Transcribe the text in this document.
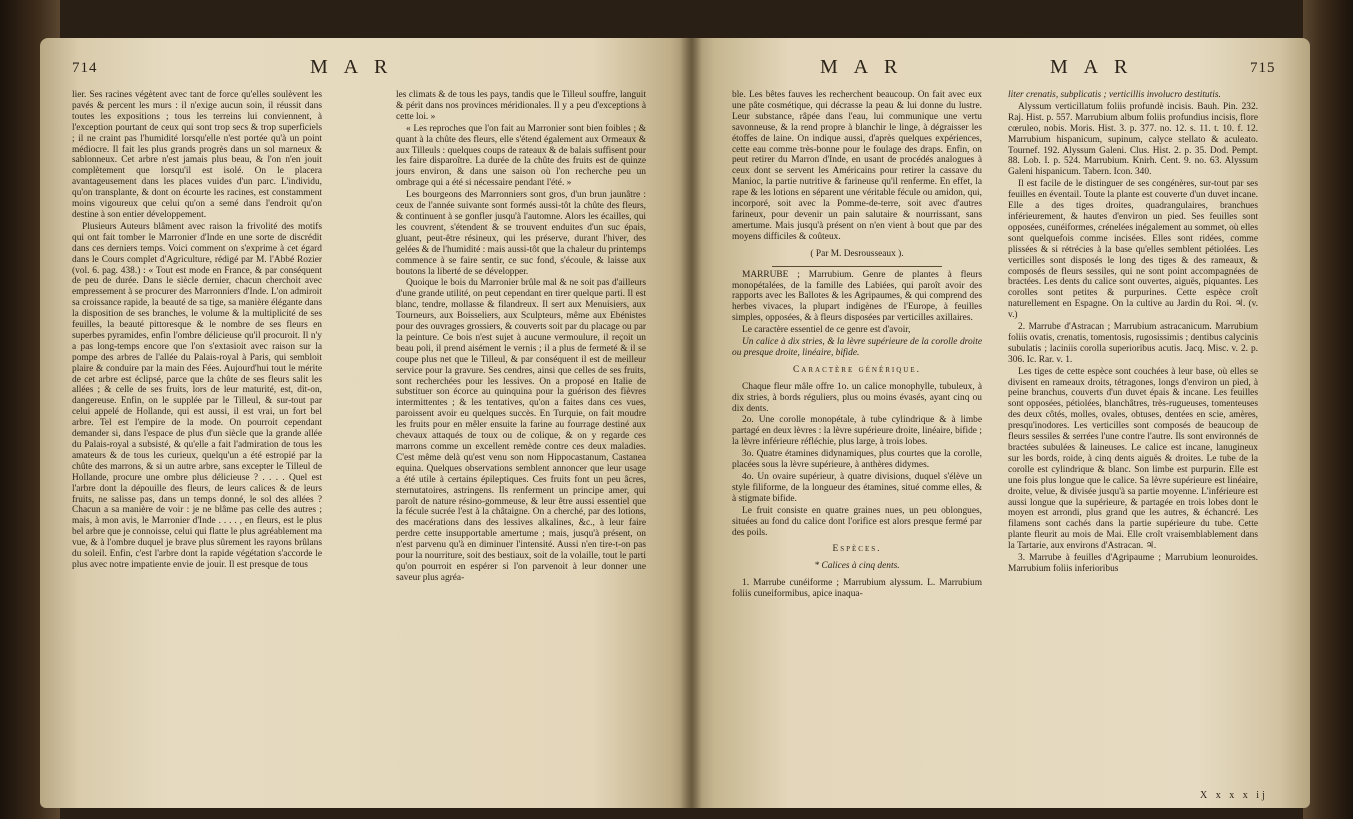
714	M A R

lier. Ses racines végètent avec tant de force qu'elles soulèvent les pavés & percent les murs : il n'exige aucun soin, il réussit dans toutes les expositions ; tous les terreins lui conviennent, à l'exception pourtant de ceux qui sont trop secs & trop superficiels ; il ne craint pas l'humidité lorsqu'elle n'est portée qu'à un point médiocre. Il fait les plus grands progrès dans un sol marneux & sablonneux. Cet arbre n'est jamais plus beau, & l'on n'en jouit complètement que lorsqu'il est isolé. On le placera avantageusement dans les places vuides d'un parc. L'individu, qu'on transplante, & dont on écourte les racines, est constamment moins vigoureux que celui qu'on a semé dans l'endroit qu'on destine à son entier développement.

Plusieurs Auteurs blâment avec raison la frivolité des motifs qui ont fait tomber le Marronier d'Inde en une sorte de discrédit dans ces derniers temps. Voici comment on s'exprime à cet égard dans le Cours complet d'Agriculture, rédigé par M. l'Abbé Rozier (vol. 6. pag. 438.) : « Tout est mode en France, & par conséquent de peu de durée. Dans le siècle dernier, chacun cherchoit avec empressement à se procurer des Marronniers d'Inde. L'on admiroit sa croissance rapide, la beauté de sa tige, sa manière élégante dans la disposition de ses branches, le volume & la multiplicité de ses feuilles, la beauté pittoresque & le nombre de ses fleurs en superbes pyramides, enfin l'ombre délicieuse qu'il procuroit. Il n'y a pas long-temps encore que l'on s'extasioit avec raison sur la pompe des arbres de l'allée du Palais-royal à Paris, qui sembloit plaire & conduire par la main des Fées. Aujourd'hui tout le mérite de cet arbre est éclipsé, parce que la chûte de ses fleurs salit les allées ; & celle de ses fruits, lors de leur maturité, est, dit-on, dangereuse. Enfin, on le supplée par le Tilleul, & sur-tout par celui appelé de Hollande, qui est aussi, il est vrai, un fort bel arbre. Tel est l'empire de la mode. On pourroit cependant demander si, dans l'espace de plus d'un siècle que la grande allée du Palais-royal a subsisté, & qu'elle a fait l'admiration de tous les amateurs & de tous les curieux, quelqu'un a été estropié par la chûte des marrons, & si un autre arbre, sans excepter le Tilleul de Hollande, procure une ombre plus délicieuse ? . . . . Quel est l'arbre dont la dépouille des fleurs, de leurs calices & de leurs fruits, ne salisse pas, dans un temps donné, le sol des allées ? Chacun a sa manière de voir : je ne blâme pas celle des autres ; mais, à mon avis, le Marronier d'Inde . . . . , en fleurs, est le plus bel arbre que je connoisse, celui qui flatte le plus agréablement ma vue, & à l'ombre duquel je brave plus sûrement les rayons brûlans du soleil. Enfin, c'est l'arbre dont la rapide végétation s'accorde le plus avec notre impatiente envie de jouir. Il est presque de tous

les climats & de tous les pays, tandis que le Tilleul souffre, languit & périt dans nos provinces méridionales. Il y a peu d'exceptions à cette loi. »

« Les reproches que l'on fait au Marronier sont bien foibles ; & quant à la chûte des fleurs, elle s'étend également aux Ormeaux & aux Tilleuls : quelques coups de rateaux & de balais suffisent pour les faire disparoître. La durée de la chûte des fruits est de quinze jours environ, & dans une saison où l'on recherche peu un ombrage qui a été si nécessaire pendant l'été. »

Les bourgeons des Marronniers sont gros, d'un brun jaunâtre : ceux de l'année suivante sont formés aussi-tôt la chûte des fleurs, & continuent à se gonfler jusqu'à l'automne. Alors les écailles, qui les couvrent, s'étendent & se trouvent enduites d'un suc épais, gluant, peut-être résineux, qui les préserve, durant l'hiver, des gelées & de l'humidité : mais aussi-tôt que la chaleur du printemps commence à se faire sentir, ce suc fond, s'écoule, & laisse aux boutons la liberté de se développer.

Quoique le bois du Marronier brûle mal & ne soit pas d'ailleurs d'une grande utilité, on peut cependant en tirer quelque parti. Il est blanc, tendre, mollasse & filandreux. Il sert aux Menuisiers, aux Tourneurs, aux Boisseliers, aux Sculpteurs, même aux Ebénistes pour des ouvrages grossiers, & couverts soit par du placage ou par la peinture. Ce bois n'est sujet à aucune vermoulure, il reçoit un beau poli, il prend aisément le vernis ; il a plus de fermeté & il se coupe plus net que le Tilleul, & par conséquent il est de meilleur service pour la gravure. Ses cendres, ainsi que celles de ses fruits, sont recherchées pour les lessives. On a proposé en Italie de substituer son écorce au quinquina pour la guérison des fièvres intermittentes ; & les tentatives, qu'on a faites dans ces vues, paroissent avoir eu quelques succès. En Turquie, on fait moudre les fruits pour en mêler ensuite la farine au fourrage destiné aux chevaux attaqués de toux ou de colique, & on y regarde ces marrons comme un excellent remède contre ces deux maladies. C'est même delà qu'est venu son nom Hippocastanum, Castanea equina. Quelques observations semblent annoncer que leur usage a été utile à certains épileptiques. Ces fruits font un peu âcres, sternutatoires, astringens. Ils renferment un principe amer, qui paroît de nature résino-gommeuse, & leur être aussi essentiel que la fécule sucrée l'est à la châtaigne. On a cherché, par des lotions, des macérations dans des lessives alkalines, &c., à leur faire perdre cette insupportable amertume ; mais, jusqu'à présent, on n'est parvenu qu'à en diminuer l'intensité. Aussi n'en tire-t-on pas pour la nourriture, soit des bestiaux, soit de la volaille, tout le parti qu'on pourroit en espérer si l'on parvenoit à leur donner une saveur plus agréa-

M A R	M A R	715

ble. Les bêtes fauves les recherchent beaucoup. On fait avec eux une pâte cosmétique, qui décrasse la peau & lui donne du lustre. Leur substance, râpée dans l'eau, lui communique une vertu savonneuse, & la rend propre à blanchir le linge, à dégraisser les étoffes de laine. On indique aussi, d'après quelques expériences, cette eau comme très-bonne pour le foulage des draps. Enfin, on peut retirer du Marron d'Inde, en usant de procédés analogues à ceux dont se servent les Américains pour retirer la cassave du Manioc, la partie nutritive & farineuse qu'il renferme. En effet, la rape & les lotions en séparent une véritable fécule ou amidon, qui, incorporé, soit avec la Pomme-de-terre, soit avec d'autres farineux, pour devenir un pain salutaire & nourrissant, sans amertume. Mais jusqu'à présent on n'en vient à bout que par des moyens difficiles & coûteux.

( Par M. Desrousseaux ).

MARRUBE ; Marrubium. Genre de plantes à fleurs monopétalées, de la famille des Labiées, qui paroît avoir des rapports avec les Ballotes & les Agripaumes, & qui comprend des herbes vivaces, la plupart indigènes de l'Europe, à feuilles simples, opposées, & à fleurs disposées par verticilles axillaires.

Le caractère essentiel de ce genre est d'avoir,

Un calice à dix stries, & la lèvre supérieure de la corolle droite ou presque droite, linéaire, bifide.

Caractère générique.

Chaque fleur mâle offre 1o. un calice monophylle, tubuleux, à dix stries, à bords réguliers, plus ou moins évasés, ayant cinq ou dix dents.

2o. Une corolle monopétale, à tube cylindrique & à limbe partagé en deux lèvres : la lèvre supérieure droite, linéaire, bifide ; la lèvre inférieure réfléchie, plus large, à trois lobes.

3o. Quatre étamines didynamiques, plus courtes que la corolle, placées sous la lèvre supérieure, à anthères didymes.

4o. Un ovaire supérieur, à quatre divisions, duquel s'élève un style filiforme, de la longueur des étamines, situé comme elles, & à stigmate bifide.

Le fruit consiste en quatre graines nues, un peu oblongues, situées au fond du calice dont l'orifice est alors presque fermé par des poils.

Espèces.

* Calices à cinq dents.

1. Marrube cunéiforme ; Marrubium alyssum. L. Marrubium foliis cuneiformibus, apice inaqua-

liter crenatis, subplicatis ; verticillis involucro destitutis.

Alyssum verticillatum foliis profundè incisis. Bauh. Pin. 232. Raj. Hist. p. 557. Marrubium album foliis profundius incisis, flore cœruleo, nobis. Moris. Hist. 3. p. 377. no. 12. s. 11. t. 10. f. 12. Marrubium hispanicum, supinum, calyce stellato & aculeato. Tournef. 192. Alyssum Galeni. Clus. Hist. 2. p. 35. Dod. Pempt. 88. Lob. I. p. 524. Marrubium. Knirh. Cent. 9. no. 63. Alyssum Galeni hispanicum. Tabern. Icon. 340.

Il est facile de le distinguer de ses congénères, sur-tout par ses feuilles en éventail. Toute la plante est couverte d'un duvet incane. Elle a des tiges droites, quadrangulaires, branchues inférieurement, & hautes d'environ un pied. Ses feuilles sont opposées, cunéiformes, crénelées inégalement au sommet, où elles sont quelquefois comme incisées. Elles sont ridées, comme plissées & si rétrécies à la base qu'elles semblent pétiolées. Les verticilles sont disposés le long des tiges & des rameaux, & composés de fleurs sessiles, qui ne sont point accompagnées de bractées. Les dents du calice sont ouvertes, aiguës, piquantes. Les corolles sont petites & purpurines. Cette espèce croît naturellement en Espagne. On la cultive au Jardin du Roi. ♃. (v. v.)

2. Marrube d'Astracan ; Marrubium astracanicum. Marrubium foliis ovatis, crenatis, tomentosis, rugosissimis ; dentibus calycinis subulatis ; laciniis corolla superioribus acutis. Jacq. Misc. v. 2. p. 306. Ic. Rar. v. 1.

Les tiges de cette espèce sont couchées à leur base, où elles se divisent en rameaux droits, tétragones, longs d'environ un pied, à peine branchus, couverts d'un duvet épais & incane. Les feuilles sont opposées, pétiolées, blanchâtres, très-rugueuses, tomenteuses des deux côtés, molles, ovales, obtuses, dentées en scie, amères, presqu'inodores. Les verticilles sont composés de beaucoup de fleurs sessiles & serrées l'une contre l'autre. Ils sont environnés de bractées subulées & laineuses. Le calice est incane, lanugineux sur les bords, roide, à cinq dents aiguës & droites. Le tube de la corolle est cylindrique & blanc. Son limbe est purpurin. Elle est une fois plus longue que le calice. Sa lèvre supérieure est linéaire, droite, velue, & divisée jusqu'à sa partie moyenne. L'inférieure est aussi longue que la supérieure, & partagée en trois lobes dont le moyen est arrondi, plus grand que les autres, & échancré. Les filamens sont cachés dans la partie supérieure du tube. Cette plante fleurit au mois de Mai. Elle croît vraisemblablement dans la Tartarie, aux environs d'Astracan. ♃.

3. Marrube à feuilles d'Agripaume ; Marrubium leonuroides. Marrubium foliis inferioribus

X x x x ij
